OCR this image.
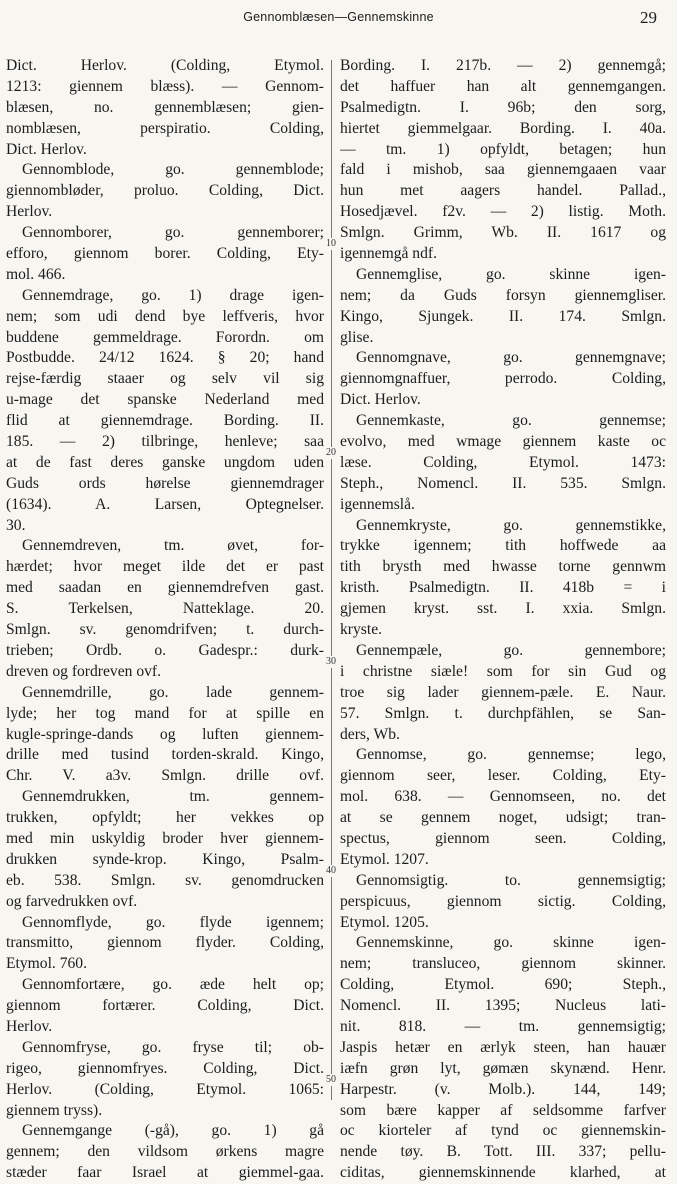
Gennomblæsen—Gennemskinne	29
Dict. Herlov. (Colding, Etymol.
1213: giennem blæss). — Gennom-
blæsen, no. gennemblæsen; gien-
nomblæsen, perspiratio. Colding,
Dict. Herlov.
Gennomblode, go. gennemblode;
giennombløder, proluo. Colding, Dict.
Herlov.
Gennomborer, go. gennemborer;
efforo, giennom borer. Colding, Ety-
mol. 466.
Gennemdrage, go. 1) drage igen-
nem; som udi dend bye leffveris, hvor
buddene gemmeldrage. Forordn. om
Postbudde. 24/12 1624. § 20; hand
rejse-færdig staaer og selv vil sig
u-mage det spanske Nederland med
flid at giennemdrage. Bording. II.
185. — 2) tilbringe, henleve; saa
at de fast deres ganske ungdom uden
Guds ords hørelse giennemdrager
(1634). A. Larsen, Optegnelser.
30.
Gennemdreven, tm. øvet, for-
hærdet; hvor meget ilde det er past
med saadan en giennemdrefven gast.
S. Terkelsen, Natteklage. 20.
Smlgn. sv. genomdrifven; t. durch-
trieben; Ordb. o. Gadespr.: durk-
dreven og fordreven ovf.
Gennemdrille, go. lade gennem-
lyde; her tog mand for at spille en
kugle-springe-dands og luften giennem-
drille med tusind torden-skrald. Kingo,
Chr. V. a3v. Smlgn. drille ovf.
Gennemdrukken, tm. gennem-
trukken, opfyldt; her vekkes op
med min uskyldig broder hver giennem-
drukken synde-krop. Kingo, Psalm-
eb. 538. Smlgn. sv. genomdrucken
og farvedrukken ovf.
Gennomflyde, go. flyde igennem;
transmitto, giennom flyder. Colding,
Etymol. 760.
Gennomfortære, go. æde helt op;
giennom fortærer. Colding, Dict.
Herlov.
Gennomfryse, go. fryse til; ob-
rigeo, giennomfryes. Colding, Dict.
Herlov. (Colding, Etymol. 1065:
giennem tryss).
Gennemgange (-gå), go. 1) gå
gennem; den vildsom ørkens magre
stæder faar Israel at giemmel-gaa.
Bording. I. 217b. — 2) gennemgå;
det haffuer han alt gennemgangen.
Psalmedigtn. I. 96b; den sorg,
hiertet giemmelgaar. Bording. I. 40a.
— tm. 1) opfyldt, betagen; hun
fald i mishob, saa giennemgaaen vaar
hun met aagers handel. Pallad.,
Hosedjævel. f2v. — 2) listig. Moth.
Smlgn. Grimm, Wb. II. 1617 og
igennemgå ndf.
Gennemglise, go. skinne igen-
nem; da Guds forsyn giennemgliser.
Kingo, Sjungek. II. 174. Smlgn.
glise.
Gennomgnave, go. gennemgnave;
giennomgnaffuer, perrodo. Colding,
Dict. Herlov.
Gennemkaste, go. gennemse;
evolvo, med wmage giennem kaste oc
læse. Colding, Etymol. 1473:
Steph., Nomencl. II. 535. Smlgn.
igennemslå.
Gennemkryste, go. gennemstikke,
trykke igennem; tith hoffwede aa
tith brysth med hwasse torne gennwm
kristh. Psalmedigtn. II. 418b = i
gjemen kryst. sst. I. xxia. Smlgn.
kryste.
Gennempæle, go. gennembore;
i christne siæle! som for sin Gud og
troe sig lader giennem-pæle. E. Naur.
57. Smlgn. t. durchpfählen, se San-
ders, Wb.
Gennomse, go. gennemse; lego,
giennom seer, leser. Colding, Ety-
mol. 638. — Gennomseen, no. det
at se gennem noget, udsigt; tran-
spectus, giennom seen. Colding,
Etymol. 1207.
Gennomsigtig. to. gennemsigtig;
perspicuus, giennom sictig. Colding,
Etymol. 1205.
Gennemskinne, go. skinne igen-
nem; transluceo, giennom skinner.
Colding, Etymol. 690; Steph.,
Nomencl. II. 1395; Nucleus lati-
nit. 818. — tm. gennemsigtig;
Jaspis hetær en ærlyk steen, han hauær
iæfn grøn lyt, gømæn skynænd. Henr.
Harpestr. (v. Molb.). 144, 149;
som bære kapper af seldsomme farfver
oc kiorteler af tynd oc giennemskin-
nende tøy. B. Tott. III. 337; pellu-
ciditas, giennemskinnende klarhed, at
10
20
30
40
50
